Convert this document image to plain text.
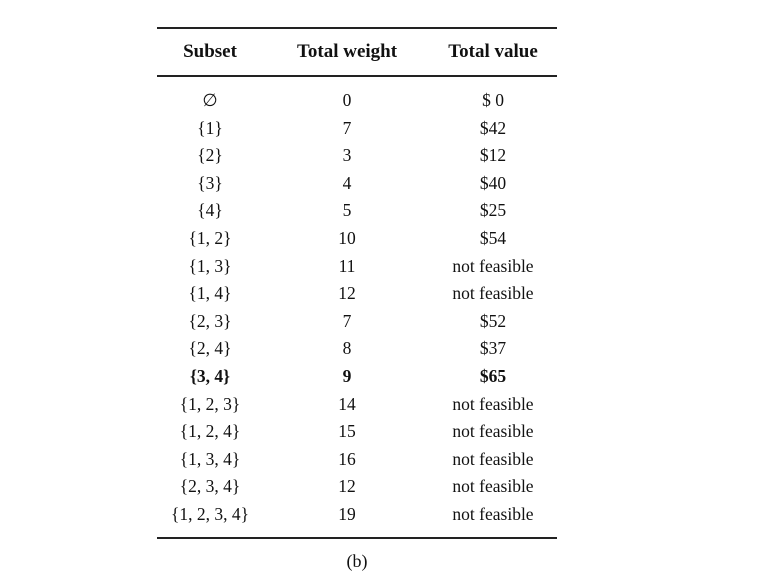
Subset	Total weight	Total value
∅	0	$ 0
{1}	7	$42
{2}	3	$12
{3}	4	$40
{4}	5	$25
{1, 2}	10	$54
{1, 3}	11	not feasible
{1, 4}	12	not feasible
{2, 3}	7	$52
{2, 4}	8	$37
{3, 4}	9	$65
{1, 2, 3}	14	not feasible
{1, 2, 4}	15	not feasible
{1, 3, 4}	16	not feasible
{2, 3, 4}	12	not feasible
{1, 2, 3, 4}	19	not feasible
(b)
